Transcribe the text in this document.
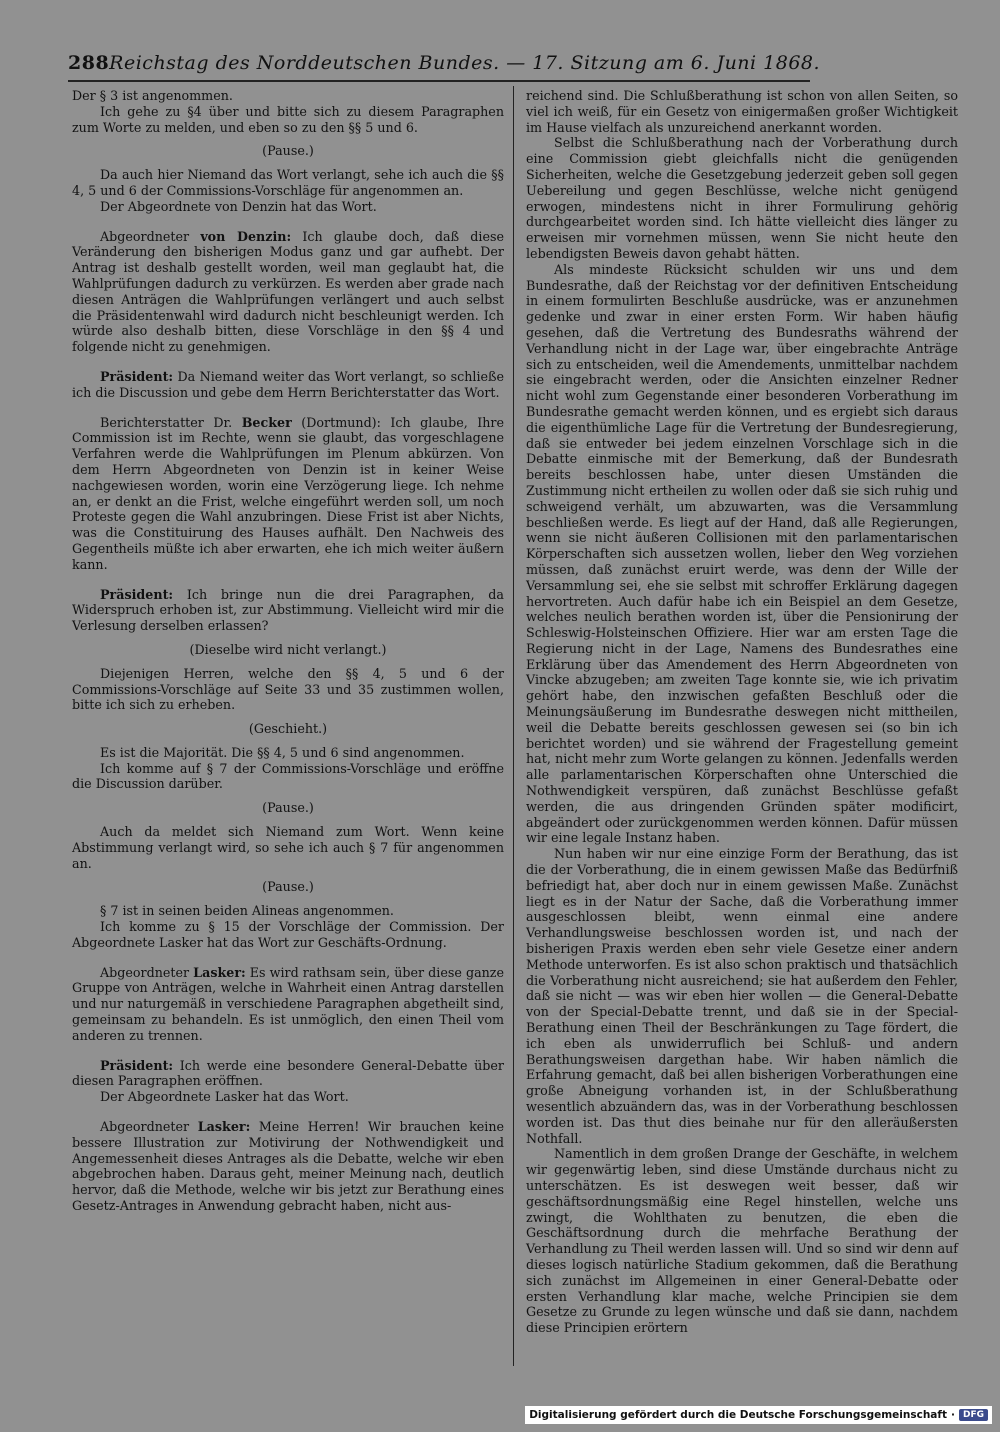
288 Reichstag des Norddeutschen Bundes. — 17. Sitzung am 6. Juni 1868.

Der § 3 ist angenommen.

Ich gehe zu §4 über und bitte sich zu diesem Paragraphen zum Worte zu melden, und eben so zu den §§ 5 und 6.

(Pause.)

Da auch hier Niemand das Wort verlangt, sehe ich auch die §§ 4, 5 und 6 der Commissions-Vorschläge für angenommen an.

Der Abgeordnete von Denzin hat das Wort.

Abgeordneter von Denzin: Ich glaube doch, daß diese Veränderung den bisherigen Modus ganz und gar aufhebt. Der Antrag ist deshalb gestellt worden, weil man geglaubt hat, die Wahlprüfungen dadurch zu verkürzen. Es werden aber grade nach diesen Anträgen die Wahlprüfungen verlängert und auch selbst die Präsidentenwahl wird dadurch nicht beschleunigt werden. Ich würde also deshalb bitten, diese Vorschläge in den §§ 4 und folgende nicht zu genehmigen.

Präsident: Da Niemand weiter das Wort verlangt, so schließe ich die Discussion und gebe dem Herrn Berichterstatter das Wort.

Berichterstatter Dr. Becker (Dortmund): Ich glaube, Ihre Commission ist im Rechte, wenn sie glaubt, das vorgeschlagene Verfahren werde die Wahlprüfungen im Plenum abkürzen. Von dem Herrn Abgeordneten von Denzin ist in keiner Weise nachgewiesen worden, worin eine Verzögerung liege. Ich nehme an, er denkt an die Frist, welche eingeführt werden soll, um noch Proteste gegen die Wahl anzubringen. Diese Frist ist aber Nichts, was die Constituirung des Hauses aufhält. Den Nachweis des Gegentheils müßte ich aber erwarten, ehe ich mich weiter äußern kann.

Präsident: Ich bringe nun die drei Paragraphen, da Widerspruch erhoben ist, zur Abstimmung. Vielleicht wird mir die Verlesung derselben erlassen?

(Dieselbe wird nicht verlangt.)

Diejenigen Herren, welche den §§ 4, 5 und 6 der Commissions-Vorschläge auf Seite 33 und 35 zustimmen wollen, bitte ich sich zu erheben.

(Geschieht.)

Es ist die Majorität. Die §§ 4, 5 und 6 sind angenommen.

Ich komme auf § 7 der Commissions-Vorschläge und eröffne die Discussion darüber.

(Pause.)

Auch da meldet sich Niemand zum Wort. Wenn keine Abstimmung verlangt wird, so sehe ich auch § 7 für angenommen an.

(Pause.)

§ 7 ist in seinen beiden Alineas angenommen.

Ich komme zu § 15 der Vorschläge der Commission. Der Abgeordnete Lasker hat das Wort zur Geschäfts-Ordnung.

Abgeordneter Lasker: Es wird rathsam sein, über diese ganze Gruppe von Anträgen, welche in Wahrheit einen Antrag darstellen und nur naturgemäß in verschiedene Paragraphen abgetheilt sind, gemeinsam zu behandeln. Es ist unmöglich, den einen Theil vom anderen zu trennen.

Präsident: Ich werde eine besondere General-Debatte über diesen Paragraphen eröffnen.

Der Abgeordnete Lasker hat das Wort.

Abgeordneter Lasker: Meine Herren! Wir brauchen keine bessere Illustration zur Motivirung der Nothwendigkeit und Angemessenheit dieses Antrages als die Debatte, welche wir eben abgebrochen haben. Daraus geht, meiner Meinung nach, deutlich hervor, daß die Methode, welche wir bis jetzt zur Berathung eines Gesetz-Antrages in Anwendung gebracht haben, nicht aus-

reichend sind. Die Schlußberathung ist schon von allen Seiten, so viel ich weiß, für ein Gesetz von einigermaßen großer Wichtigkeit im Hause vielfach als unzureichend anerkannt worden.

Selbst die Schlußberathung nach der Vorberathung durch eine Commission giebt gleichfalls nicht die genügenden Sicherheiten, welche die Gesetzgebung jederzeit geben soll gegen Uebereilung und gegen Beschlüsse, welche nicht genügend erwogen, mindestens nicht in ihrer Formulirung gehörig durchgearbeitet worden sind. Ich hätte vielleicht dies länger zu erweisen mir vornehmen müssen, wenn Sie nicht heute den lebendigsten Beweis davon gehabt hätten.

Als mindeste Rücksicht schulden wir uns und dem Bundesrathe, daß der Reichstag vor der definitiven Entscheidung in einem formulirten Beschluße ausdrücke, was er anzunehmen gedenke und zwar in einer ersten Form. Wir haben häufig gesehen, daß die Vertretung des Bundesraths während der Verhandlung nicht in der Lage war, über eingebrachte Anträge sich zu entscheiden, weil die Amendements, unmittelbar nachdem sie eingebracht werden, oder die Ansichten einzelner Redner nicht wohl zum Gegenstande einer besonderen Vorberathung im Bundesrathe gemacht werden können, und es ergiebt sich daraus die eigenthümliche Lage für die Vertretung der Bundesregierung, daß sie entweder bei jedem einzelnen Vorschlage sich in die Debatte einmische mit der Bemerkung, daß der Bundesrath bereits beschlossen habe, unter diesen Umständen die Zustimmung nicht ertheilen zu wollen oder daß sie sich ruhig und schweigend verhält, um abzuwarten, was die Versammlung beschließen werde. Es liegt auf der Hand, daß alle Regierungen, wenn sie nicht äußeren Collisionen mit den parlamentarischen Körperschaften sich aussetzen wollen, lieber den Weg vorziehen müssen, daß zunächst eruirt werde, was denn der Wille der Versammlung sei, ehe sie selbst mit schroffer Erklärung dagegen hervortreten. Auch dafür habe ich ein Beispiel an dem Gesetze, welches neulich berathen worden ist, über die Pensionirung der Schleswig-Holsteinschen Offiziere. Hier war am ersten Tage die Regierung nicht in der Lage, Namens des Bundesrathes eine Erklärung über das Amendement des Herrn Abgeordneten von Vincke abzugeben; am zweiten Tage konnte sie, wie ich privatim gehört habe, den inzwischen gefaßten Beschluß oder die Meinungsäußerung im Bundesrathe deswegen nicht mittheilen, weil die Debatte bereits geschlossen gewesen sei (so bin ich berichtet worden) und sie während der Fragestellung gemeint hat, nicht mehr zum Worte gelangen zu können. Jedenfalls werden alle parlamentarischen Körperschaften ohne Unterschied die Nothwendigkeit verspüren, daß zunächst Beschlüsse gefaßt werden, die aus dringenden Gründen später modificirt, abgeändert oder zurückgenommen werden können. Dafür müssen wir eine legale Instanz haben.

Nun haben wir nur eine einzige Form der Berathung, das ist die der Vorberathung, die in einem gewissen Maße das Bedürfniß befriedigt hat, aber doch nur in einem gewissen Maße. Zunächst liegt es in der Natur der Sache, daß die Vorberathung immer ausgeschlossen bleibt, wenn einmal eine andere Verhandlungsweise beschlossen worden ist, und nach der bisherigen Praxis werden eben sehr viele Gesetze einer andern Methode unterworfen. Es ist also schon praktisch und thatsächlich die Vorberathung nicht ausreichend; sie hat außerdem den Fehler, daß sie nicht — was wir eben hier wollen — die General-Debatte von der Special-Debatte trennt, und daß sie in der Special-Berathung einen Theil der Beschränkungen zu Tage fördert, die ich eben als unwiderruflich bei Schluß- und andern Berathungsweisen dargethan habe. Wir haben nämlich die Erfahrung gemacht, daß bei allen bisherigen Vorberathungen eine große Abneigung vorhanden ist, in der Schlußberathung wesentlich abzuändern das, was in der Vorberathung beschlossen worden ist. Das thut dies beinahe nur für den alleräußersten Nothfall.

Namentlich in dem großen Drange der Geschäfte, in welchem wir gegenwärtig leben, sind diese Umstände durchaus nicht zu unterschätzen. Es ist deswegen weit besser, daß wir geschäftsordnungsmäßig eine Regel hinstellen, welche uns zwingt, die Wohlthaten zu benutzen, die eben die Geschäftsordnung durch die mehrfache Berathung der Verhandlung zu Theil werden lassen will. Und so sind wir denn auf dieses logisch natürliche Stadium gekommen, daß die Berathung sich zunächst im Allgemeinen in einer General-Debatte oder ersten Verhandlung klar mache, welche Principien sie dem Gesetze zu Grunde zu legen wünsche und daß sie dann, nachdem diese Principien erörtern

Digitalisierung gefördert durch die Deutsche Forschungsgemeinschaft · DFG
